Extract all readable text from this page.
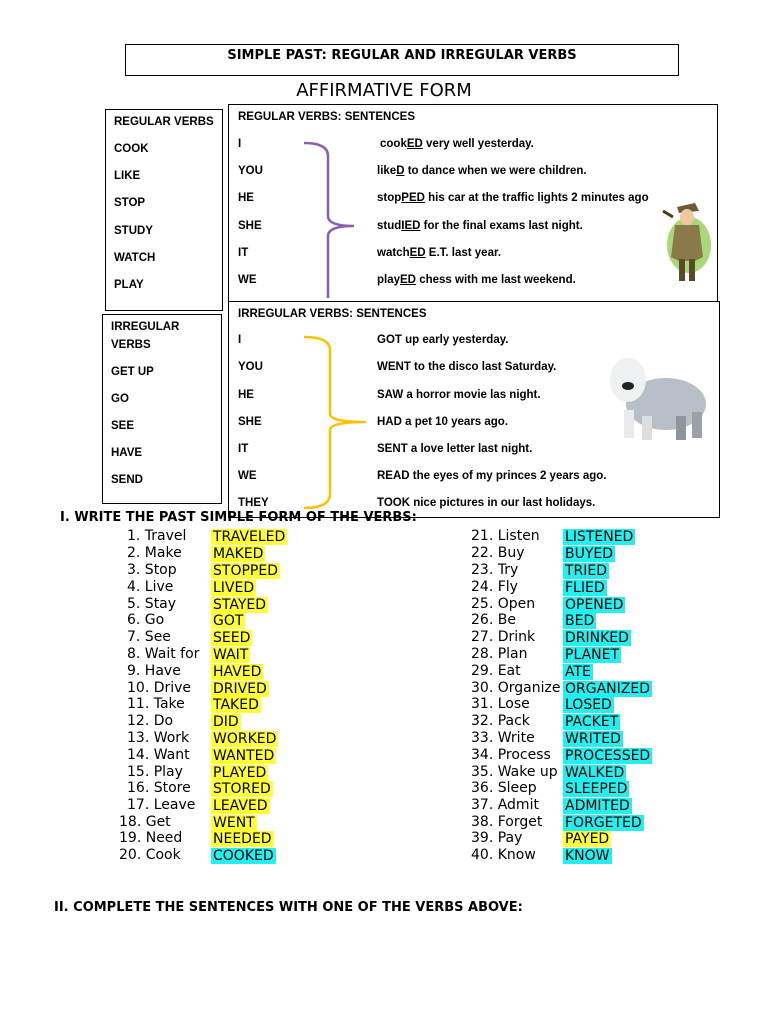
SIMPLE PAST: REGULAR AND IRREGULAR VERBS
AFFIRMATIVE FORM
REGULAR VERBS
COOK
LIKE
STOP
STUDY
WATCH
PLAY
IRREGULAR
VERBS
GET UP
GO
SEE
HAVE
SEND
REGULAR VERBS: SENTENCES
I	cookED very well yesterday.
YOU	likeD to dance when we were children.
HE	stopPED his car at the traffic lights 2 minutes ago
SHE	studIED for the final exams last night.
IT	watchED E.T. last year.
WE	playED chess with me last weekend.
IRREGULAR VERBS: SENTENCES
I	GOT up early yesterday.
YOU	WENT to the disco last Saturday.
HE	SAW a horror movie las night.
SHE	HAD a pet 10 years ago.
IT	SENT a love letter last night.
WE	READ the eyes of my princes 2 years ago.
THEY	TOOK nice pictures in our last holidays.
I. WRITE THE PAST SIMPLE FORM OF THE VERBS:
1. Travel TRAVELED
2. Make MAKED
3. Stop	STOPPED
4. Live	LIVED
5. Stay	STAYED
6. Go	GOT
7. See	SEED
8. Wait for WAIT
9. Have HAVED
10. Drive DRIVED
11. Take TAKED
12. Do	DID
13. Work WORKED
14. Want WANTED
15. Play PLAYED
16. Store STORED
17. Leave LEAVED
18. Get	WENT
19. Need NEEDED
20. Cook COOKED
21. Listen LISTENED
22. Buy	BUYED
23. Try	TRIED
24. Fly	FLIED
25. Open OPENED
26. Be	BED
27. Drink DRINKED
28. Plan	PLANET
29. Eat	ATE
30. Organize ORGANIZED
31. Lose	LOSED
32. Pack	PACKET
33. Write WRITED
34. Process PROCESSED
35. Wake up WALKED
36. Sleep SLEEPED
37. Admit ADMITED
38. Forget FORGETED
39. Pay	PAYED
40. Know KNOW
II. COMPLETE THE SENTENCES WITH ONE OF THE VERBS ABOVE:
